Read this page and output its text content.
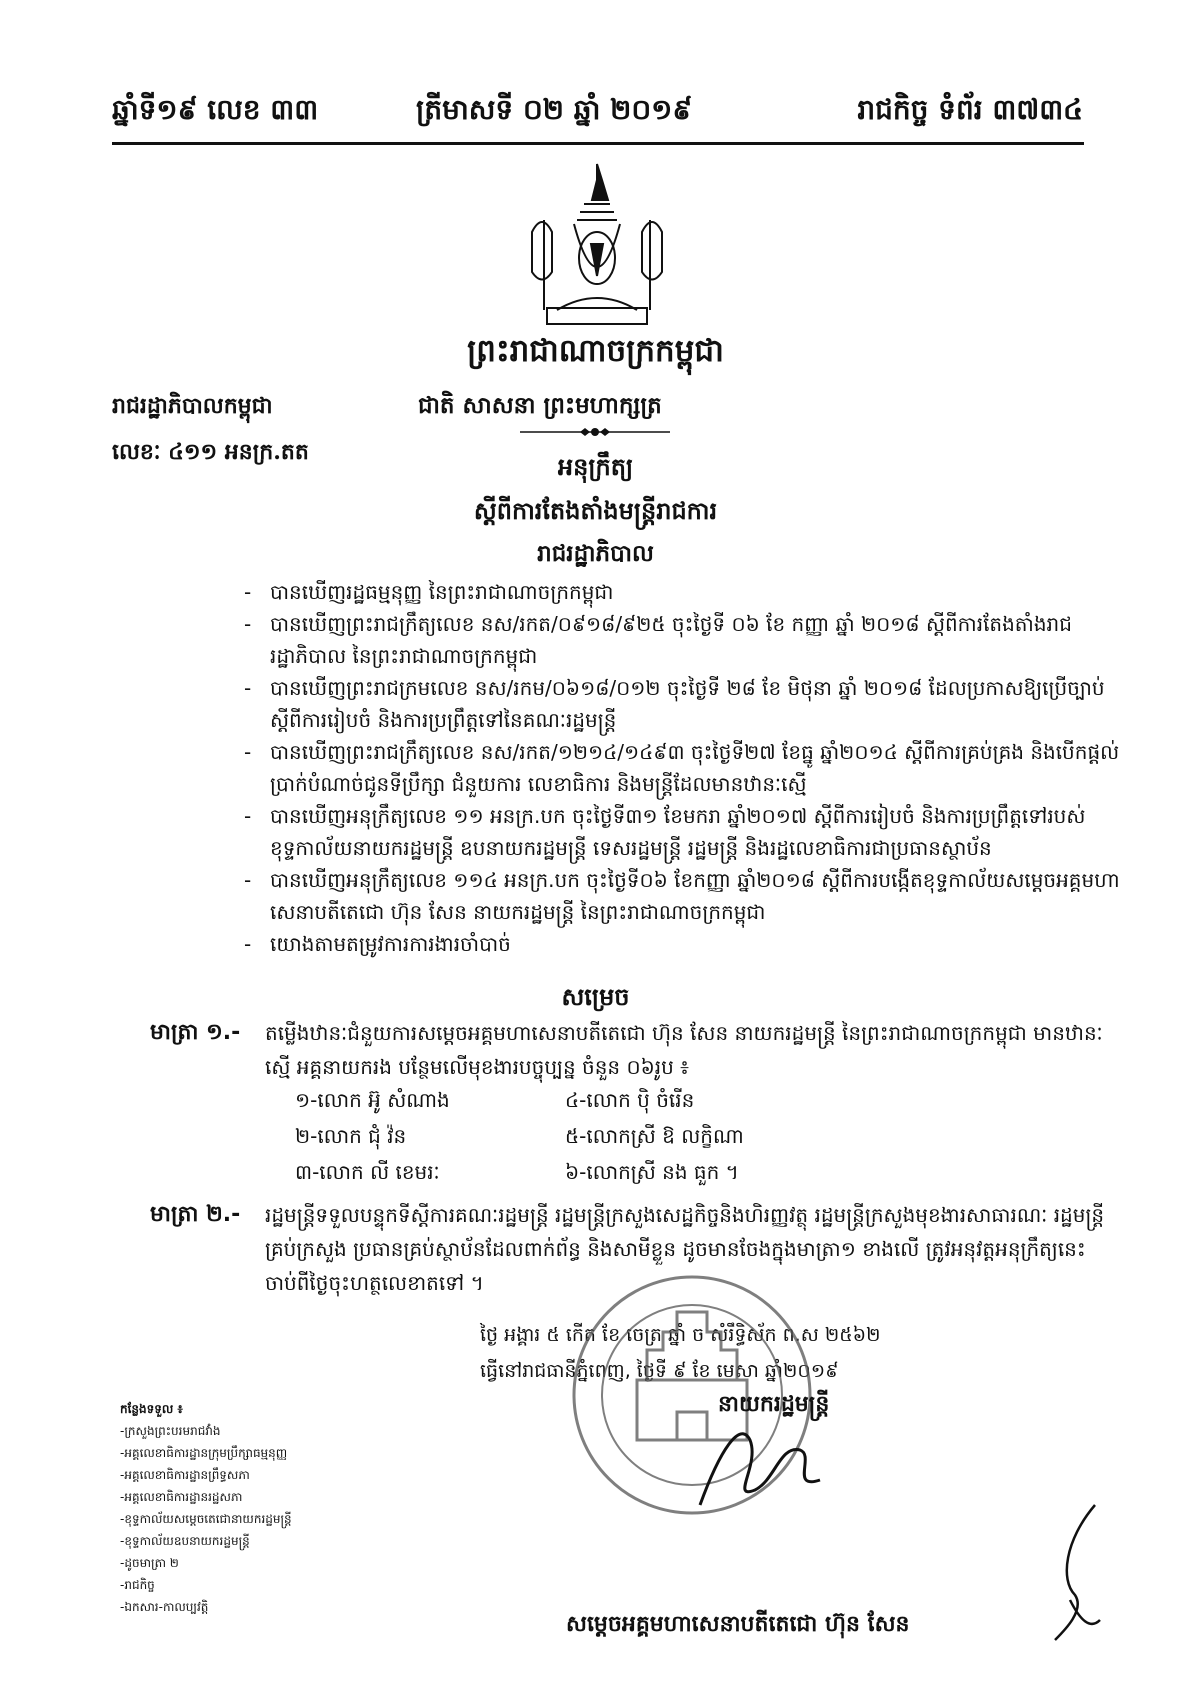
ឆ្នាំទី១៩ លេខ ៣៣	ត្រីមាសទី ០២ ឆ្នាំ ២០១៩	រាជកិច្ច ទំព័រ ៣៧៣៤
ព្រះរាជាណាចក្រកម្ពុជា
រាជរដ្ឋាភិបាលកម្ពុជា	ជាតិ សាសនា ព្រះមហាក្សត្រ
លេខៈ ៤១១ អនក្រ.តត
អនុក្រឹត្យ
ស្តីពីការតែងតាំងមន្ត្រីរាជការ
រាជរដ្ឋាភិបាល
- បានឃើញរដ្ឋធម្មនុញ្ញ នៃព្រះរាជាណាចក្រកម្ពុជា
- បានឃើញព្រះរាជក្រឹត្យលេខ នស/រកត/០៩១៨/៩២៥ ចុះថ្ងៃទី ០៦ ខែ កញ្ញា ឆ្នាំ ២០១៨ ស្តីពីការតែងតាំងរាជរដ្ឋាភិបាល នៃព្រះរាជាណាចក្រកម្ពុជា
- បានឃើញព្រះរាជក្រមលេខ នស/រកម/០៦១៨/០១២ ចុះថ្ងៃទី ២៨ ខែ មិថុនា ឆ្នាំ ២០១៨ ដែលប្រកាសឱ្យប្រើច្បាប់ ស្តីពីការរៀបចំ និងការប្រព្រឹត្តទៅនៃគណៈរដ្ឋមន្ត្រី
- បានឃើញព្រះរាជក្រឹត្យលេខ នស/រកត/១២១៤/១៤៩៣ ចុះថ្ងៃទី២៧ ខែធ្នូ ឆ្នាំ២០១៤ ស្តីពីការគ្រប់គ្រង និងបើកផ្តល់ប្រាក់បំណាច់ជូនទីប្រឹក្សា ជំនួយការ លេខាធិការ និងមន្ត្រីដែលមានឋានៈស្មើ
- បានឃើញអនុក្រឹត្យលេខ ១១ អនក្រ.បក ចុះថ្ងៃទី៣១ ខែមករា ឆ្នាំ២០១៧ ស្តីពីការរៀបចំ និងការប្រព្រឹត្តទៅរបស់ខុទ្ទកាល័យនាយករដ្ឋមន្ត្រី ឧបនាយករដ្ឋមន្ត្រី ទេសរដ្ឋមន្ត្រី រដ្ឋមន្ត្រី និងរដ្ឋលេខាធិការជាប្រធានស្ថាប័ន
- បានឃើញអនុក្រឹត្យលេខ ១១៤ អនក្រ.បក ចុះថ្ងៃទី០៦ ខែកញ្ញា ឆ្នាំ២០១៨ ស្តីពីការបង្កើតខុទ្ទកាល័យសម្តេចអគ្គមហាសេនាបតីតេជោ ហ៊ុន សែន នាយករដ្ឋមន្ត្រី នៃព្រះរាជាណាចក្រកម្ពុជា
- យោងតាមតម្រូវការការងារចាំបាច់
សម្រេច
មាត្រា ១.- តម្លើងឋានៈជំនួយការសម្តេចអគ្គមហាសេនាបតីតេជោ ហ៊ុន សែន នាយករដ្ឋមន្ត្រី នៃព្រះរាជាណាចក្រកម្ពុជា មានឋានៈស្មើ អគ្គនាយករង បន្ថែមលើមុខងារបច្ចុប្បន្ន ចំនួន ០៦រូប ៖
១-លោក អ៊ូ សំណាង
២-លោក ជុំ វ៉ន
៣-លោក លី ខេមរៈ
៤-លោក ប៉ិ ចំរើន
៥-លោកស្រី ឱ លក្ខិណា
៦-លោកស្រី នង ធួក ។
មាត្រា ២.- រដ្ឋមន្ត្រីទទួលបន្ទុកទីស្តីការគណៈរដ្ឋមន្ត្រី រដ្ឋមន្ត្រីក្រសួងសេដ្ឋកិច្ចនិងហិរញ្ញវត្ថុ រដ្ឋមន្ត្រីក្រសួងមុខងារសាធារណៈ រដ្ឋមន្ត្រីគ្រប់ក្រសួង ប្រធានគ្រប់ស្ថាប័នដែលពាក់ព័ន្ធ និងសាមីខ្លួន ដូចមានចែងក្នុងមាត្រា១ ខាងលើ ត្រូវអនុវត្តអនុក្រឹត្យនេះ ចាប់ពីថ្ងៃចុះហត្ថលេខាតទៅ ។
ថ្ងៃ អង្គារ ៥ កើត ខែ ចេត្រ ឆ្នាំ ច សំរឹទ្ធិស័ក ព.ស ២៥៦២
ធ្វើនៅរាជធានីភ្នំពេញ, ថ្ងៃទី ៩ ខែ មេសា ឆ្នាំ២០១៩
នាយករដ្ឋមន្ត្រី
សម្តេចអគ្គមហាសេនាបតីតេជោ ហ៊ុន សែន
កន្លែងទទួល ៖
-ក្រសួងព្រះបរមរាជវាំង
-អគ្គលេខាធិការដ្ឋានក្រុមប្រឹក្សាធម្មនុញ្ញ
-អគ្គលេខាធិការដ្ឋានព្រឹទ្ធសភា
-អគ្គលេខាធិការដ្ឋានរដ្ឋសភា
-ខុទ្ទកាល័យសម្តេចតេជោនាយករដ្ឋមន្ត្រី
-ខុទ្ទកាល័យឧបនាយករដ្ឋមន្ត្រី
-ដូចមាត្រា ២
-រាជកិច្ច
-ឯកសារ-កាលប្បវត្តិ
